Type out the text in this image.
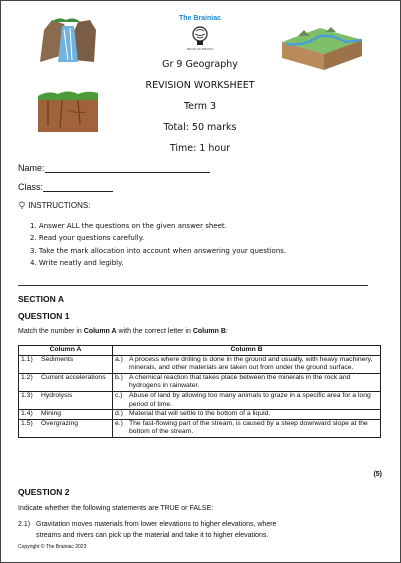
The Brainiac
BRAIN OF BRAINS
Gr 9 Geography
REVISION WORKSHEET
Term 3
Total: 50 marks
Time: 1 hour
Name:
Class:
INSTRUCTIONS:
1. Answer ALL the questions on the given answer sheet.
2. Read your questions carefully.
3. Take the mark allocation into account when answering your questions.
4. Write neatly and legibly.
SECTION A
QUESTION 1
Match the number in Column A with the correct letter in Column B:
Column A	Column B

1.1) Sediments	a.) A process where drilling is done in the ground and usually, with heavy machinery, minerals, and other materials are taken out from under the ground surface.

1.2) Current accelerations	b.) A chemical reaction that takes place between the minerals in the rock and hydrogens in rainwater.

1.3) Hydrolysis	c.) Abuse of land by allowing too many animals to graze in a specific area for a long period of time.

1.4) Mining	d.) Material that will settle to the bottom of a liquid.

1.5) Overgrazing	e.) The fast-flowing part of the stream, is caused by a steep downward slope at the bottom of the stream.
(5)
QUESTION 2
Indicate whether the following statements are TRUE or FALSE:
2.1) Gravitation moves materials from lower elevations to higher elevations, where
streams and rivers can pick up the material and take it to higher elevations.
Copyright © The Brainiac 2023
